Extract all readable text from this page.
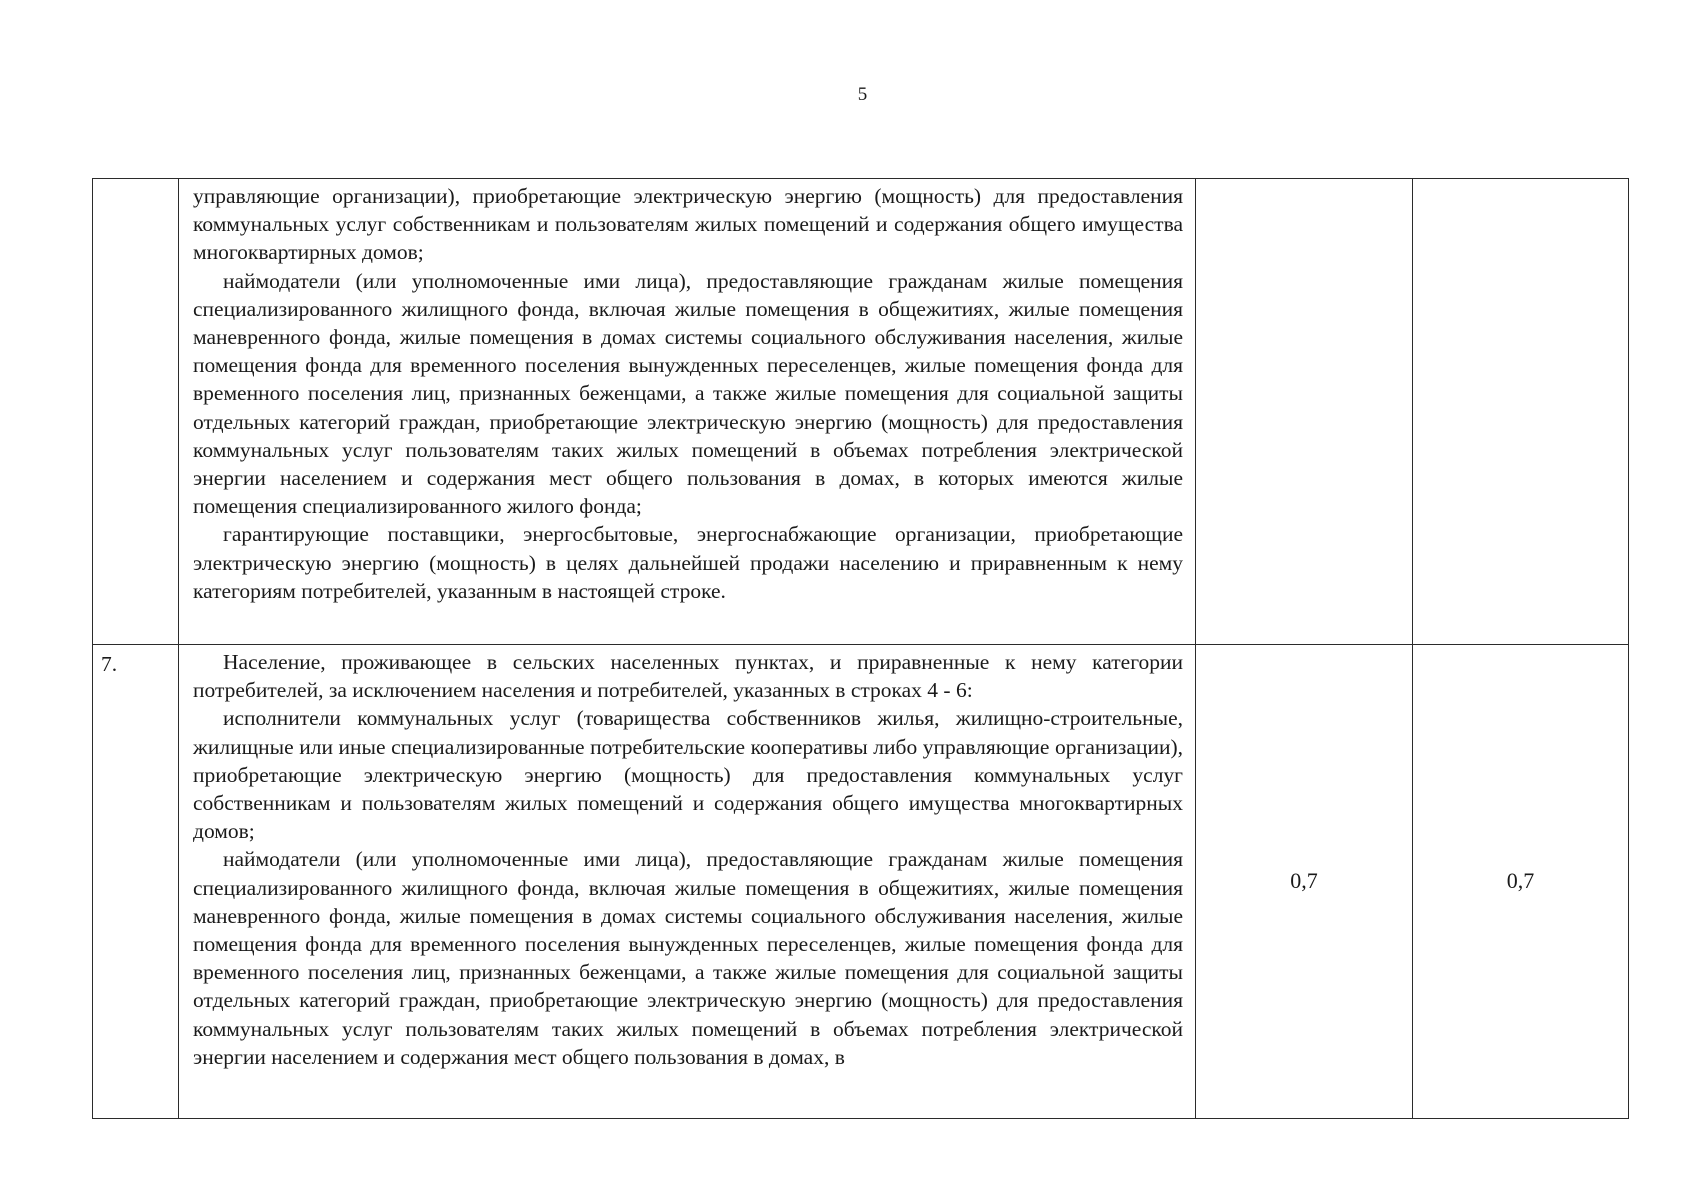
5

	управляющие организации), приобретающие электрическую энергию (мощность) для предоставления коммунальных услуг собственникам и пользователям жилых помещений и содержания общего имущества многоквартирных домов;

наймодатели (или уполномоченные ими лица), предоставляющие гражданам жилые помещения специализированного жилищного фонда, включая жилые помещения в общежитиях, жилые помещения маневренного фонда, жилые помещения в домах системы социального обслуживания населения, жилые помещения фонда для временного поселения вынужденных переселенцев, жилые помещения фонда для временного поселения лиц, признанных беженцами, а также жилые помещения для социальной защиты отдельных категорий граждан, приобретающие электрическую энергию (мощность) для предоставления коммунальных услуг пользователям таких жилых помещений в объемах потребления электрической энергии населением и содержания мест общего пользования в домах, в которых имеются жилые помещения специализированного жилого фонда;

гарантирующие поставщики, энергосбытовые, энергоснабжающие организации, приобретающие электрическую энергию (мощность) в целях дальнейшей продажи населению и приравненным к нему категориям потребителей, указанным в настоящей строке.		

7.	Население, проживающее в сельских населенных пунктах, и приравненные к нему категории потребителей, за исключением населения и потребителей, указанных в строках 4 - 6:

исполнители коммунальных услуг (товарищества собственников жилья, жилищно-строительные, жилищные или иные специализированные потребительские кооперативы либо управляющие организации), приобретающие электрическую энергию (мощность) для предоставления коммунальных услуг собственникам и пользователям жилых помещений и содержания общего имущества многоквартирных домов;

наймодатели (или уполномоченные ими лица), предоставляющие гражданам жилые помещения специализированного жилищного фонда, включая жилые помещения в общежитиях, жилые помещения маневренного фонда, жилые помещения в домах системы социального обслуживания населения, жилые помещения фонда для временного поселения вынужденных переселенцев, жилые помещения фонда для временного поселения лиц, признанных беженцами, а также жилые помещения для социальной защиты отдельных категорий граждан, приобретающие электрическую энергию (мощность) для предоставления коммунальных услуг пользователям таких жилых помещений в объемах потребления электрической энергии населением и содержания мест общего пользования в домах, в	0,7	0,7
